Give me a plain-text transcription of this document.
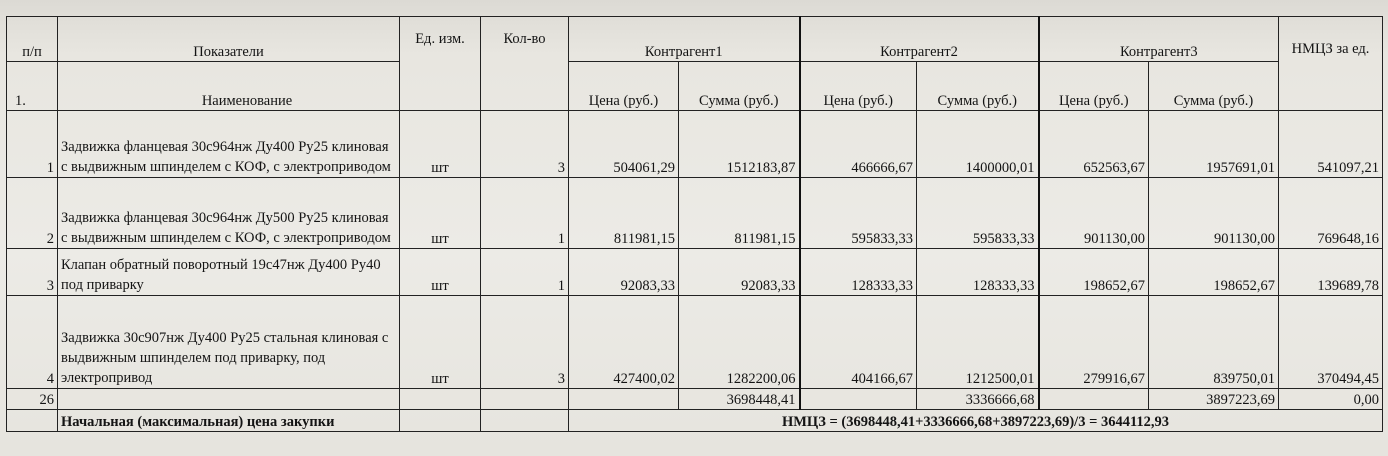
п/п	Показатели	Ед. изм.	Кол-во	Контрагент1		Контрагент2		Контрагент3		НМЦЗ за ед.
1.	Наименование			Цена (руб.)	Сумма (руб.)	Цена (руб.)	Сумма (руб.)	Цена (руб.)	Сумма (руб.)	
1	Задвижка фланцевая 30с964нж Ду400 Ру25 клиновая с выдвижным шпинделем с КОФ, с электроприводом	шт	3	504061,29	1512183,87	466666,67	1400000,01	652563,67	1957691,01	541097,21
2	Задвижка фланцевая 30с964нж Ду500 Ру25 клиновая с выдвижным шпинделем с КОФ, с электроприводом	шт	1	811981,15	811981,15	595833,33	595833,33	901130,00	901130,00	769648,16
3	Клапан обратный поворотный 19с47нж Ду400 Ру40 под приварку	шт	1	92083,33	92083,33	128333,33	128333,33	198652,67	198652,67	139689,78
4	Задвижка 30с907нж Ду400 Ру25 стальная клиновая с выдвижным шпинделем под приварку, под электропривод	шт	3	427400,02	1282200,06	404166,67	1212500,01	279916,67	839750,01	370494,45
26					3698448,41		3336666,68		3897223,69	0,00
	Начальная (максимальная) цена закупки			НМЦЗ = (3698448,41+3336666,68+3897223,69)/3 = 3644112,93						
